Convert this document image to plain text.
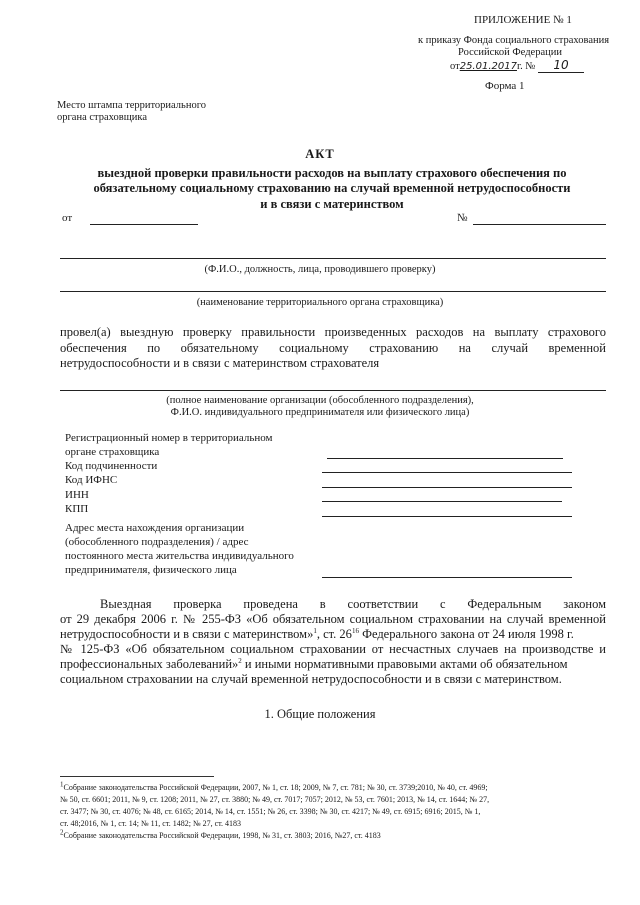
ПРИЛОЖЕНИЕ № 1
к приказу Фонда социального страхования
Российской Федерации
от25.01.2017г. № 10
Форма 1
Место штампа территориального
органа страховщика
АКТ
выездной проверки правильности расходов на выплату страхового обеспечения по
обязательному социальному страхованию на случай временной нетрудоспособности
и в связи с материнством
от	№
(Ф.И.О., должность, лица, проводившего проверку)
(наименование территориального органа страховщика)
провел(а) выездную проверку правильности произведенных расходов на выплату страхового
обеспечения по обязательному социальному страхованию на случай временной
нетрудоспособности и в связи с материнством страхователя
(полное наименование организации (обособленного подразделения),
Ф.И.О. индивидуального предпринимателя или физического лица)
Регистрационный номер в территориальном
органе страховщика
Код подчиненности
Код ИФНС
ИНН
КПП
Адрес места нахождения организации
(обособленного подразделения) / адрес
постоянного места жительства индивидуального
предпринимателя, физического лица
Выездная проверка проведена в соответствии с Федеральным законом
от 29 декабря 2006 г. № 255-ФЗ «Об обязательном социальном страховании на случай временной
нетрудоспособности и в связи с материнством»$^1$, ст. $26^{16}$ Федерального закона от 24 июля 1998 г.
№ 125-ФЗ «Об обязательном социальном страховании от несчастных случаев на производстве и
профессиональных заболеваний»$^2$ и иными нормативными правовыми актами об обязательном
социальном страховании на случай временной нетрудоспособности и в связи с материнством.
1. Общие положения
$^1$Собрание законодательства Российской Федерации, 2007, № 1, ст. 18; 2009, № 7, ст. 781; № 30, ст. 3739;2010, № 40, ст. 4969;
№ 50, ст. 6601; 2011, № 9, ст. 1208; 2011, № 27, ст. 3880; № 49, ст. 7017; 7057; 2012, № 53, ст. 7601; 2013, № 14, ст. 1644; № 27,
ст. 3477; № 30, ст. 4076; № 48, ст. 6165; 2014, № 14, ст. 1551; № 26, ст. 3398; № 30, ст. 4217; № 49, ст. 6915; 6916; 2015, № 1,
ст. 48;2016, № 1, ст. 14; № 11, ст. 1482; № 27, ст. 4183
$^2$Собрание законодательства Российской Федерации, 1998, № 31, ст. 3803; 2016, №27, ст. 4183
